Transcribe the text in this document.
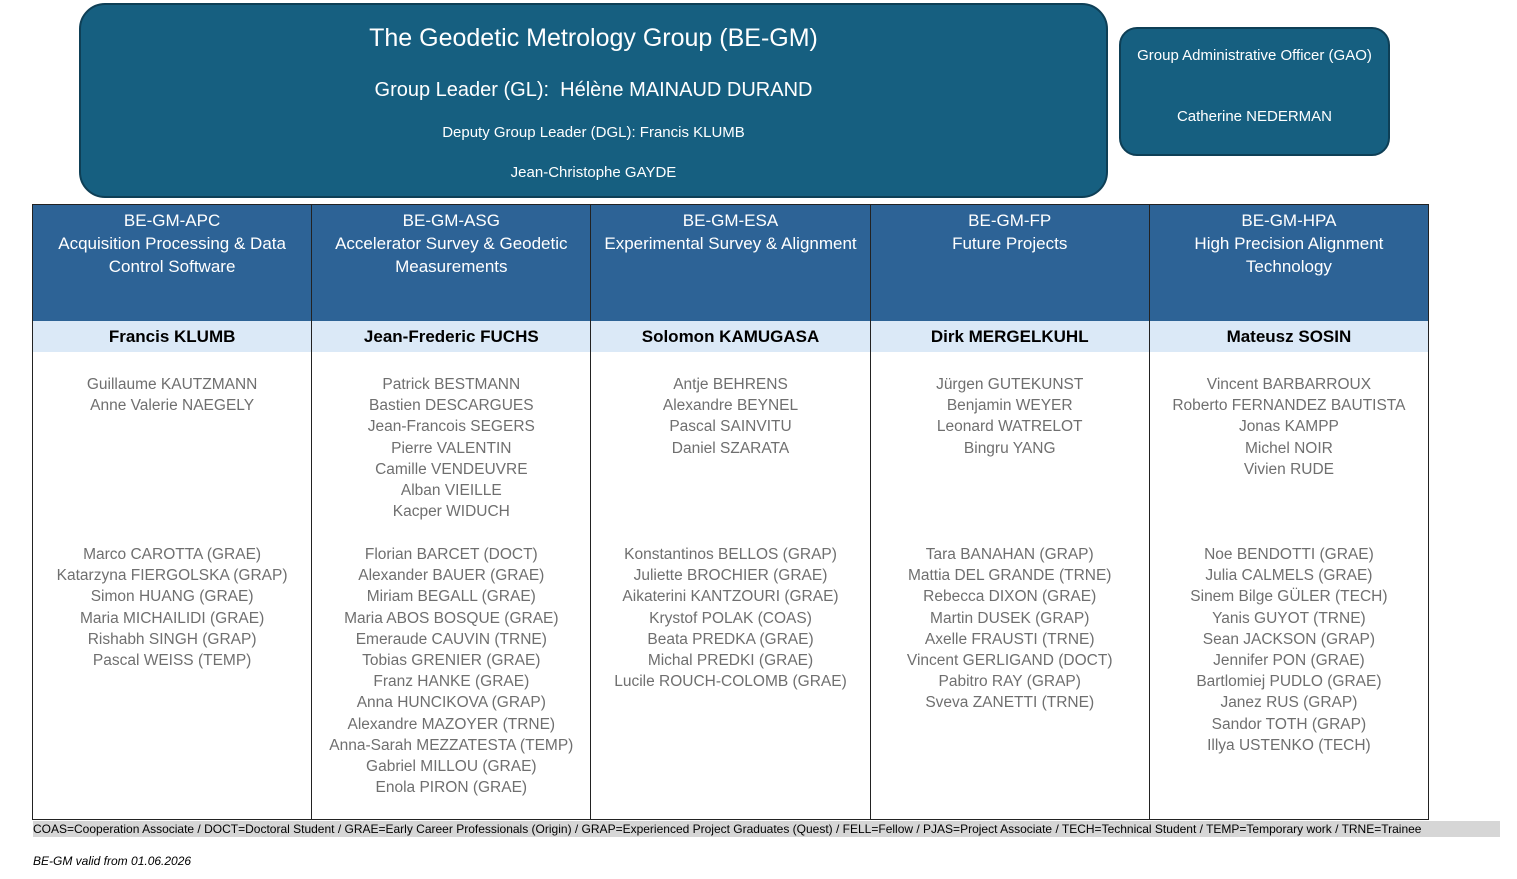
The Geodetic Metrology Group (BE-GM)
Group Leader (GL):  Hélène MAINAUD DURAND
Deputy Group Leader (DGL): Francis KLUMB
Jean-Christophe GAYDE
Group Administrative Officer (GAO)
Catherine NEDERMAN
BE-GM-APC
Acquisition Processing & Data Control Software
Francis KLUMB
Guillaume KAUTZMANN
Anne Valerie NAEGELY
Marco CAROTTA (GRAE)
Katarzyna FIERGOLSKA (GRAP)
Simon HUANG (GRAE)
Maria MICHAILIDI (GRAE)
Rishabh SINGH (GRAP)
Pascal WEISS (TEMP)
BE-GM-ASG
Accelerator Survey & Geodetic Measurements
Jean-Frederic FUCHS
Patrick BESTMANN
Bastien DESCARGUES
Jean-Francois SEGERS
Pierre VALENTIN
Camille VENDEUVRE
Alban VIEILLE
Kacper WIDUCH
Florian BARCET (DOCT)
Alexander BAUER (GRAE)
Miriam BEGALL (GRAE)
Maria ABOS BOSQUE (GRAE)
Emeraude CAUVIN (TRNE)
Tobias GRENIER (GRAE)
Franz HANKE (GRAE)
Anna HUNCIKOVA (GRAP)
Alexandre MAZOYER (TRNE)
Anna-Sarah MEZZATESTA (TEMP)
Gabriel MILLOU (GRAE)
Enola PIRON (GRAE)
BE-GM-ESA
Experimental Survey & Alignment
Solomon KAMUGASA
Antje BEHRENS
Alexandre BEYNEL
Pascal SAINVITU
Daniel SZARATA
Konstantinos BELLOS (GRAP)
Juliette BROCHIER (GRAE)
Aikaterini KANTZOURI (GRAE)
Krystof POLAK (COAS)
Beata PREDKA (GRAE)
Michal PREDKI (GRAE)
Lucile ROUCH-COLOMB (GRAE)
BE-GM-FP
Future Projects
Dirk MERGELKUHL
Jürgen GUTEKUNST
Benjamin WEYER
Leonard WATRELOT
Bingru YANG
Tara BANAHAN (GRAP)
Mattia DEL GRANDE (TRNE)
Rebecca DIXON (GRAE)
Martin DUSEK (GRAP)
Axelle FRAUSTI (TRNE)
Vincent GERLIGAND (DOCT)
Pabitro RAY (GRAP)
Sveva ZANETTI (TRNE)
BE-GM-HPA
High Precision Alignment Technology
Mateusz SOSIN
Vincent BARBARROUX
Roberto FERNANDEZ BAUTISTA
Jonas KAMPP
Michel NOIR
Vivien RUDE
Noe BENDOTTI (GRAE)
Julia CALMELS (GRAE)
Sinem Bilge GÜLER (TECH)
Yanis GUYOT (TRNE)
Sean JACKSON (GRAP)
Jennifer PON (GRAE)
Bartlomiej PUDLO (GRAE)
Janez RUS (GRAP)
Sandor TOTH (GRAP)
Illya USTENKO (TECH)
COAS=Cooperation Associate / DOCT=Doctoral Student / GRAE=Early Career Professionals (Origin) / GRAP=Experienced Project Graduates (Quest) / FELL=Fellow / PJAS=Project Associate / TECH=Technical Student / TEMP=Temporary work / TRNE=Trainee
BE-GM valid from 01.06.2026
